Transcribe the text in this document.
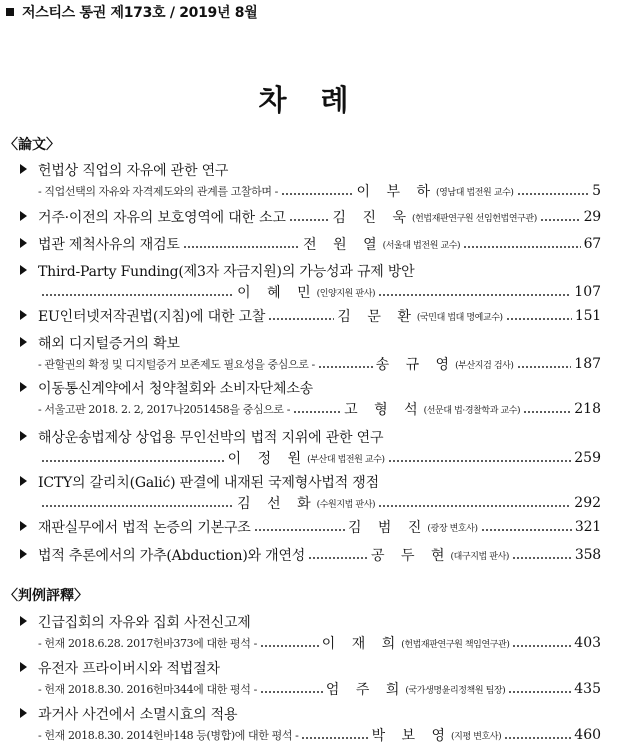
저스티스 통권 제173호 / 2019년 8월
차 례
〈論文〉
헌법상 직업의 자유에 관한 연구
- 직업선택의 자유와 자격제도와의 관계를 고찰하며 -	이 부 하 (영남대 법전원 교수)	5
거주·이전의 자유의 보호영역에 대한 소고	김 진 욱 (헌법재판연구원 선임헌법연구관)	29
법관 제척사유의 재검토	전 원 열 (서울대 법전원 교수)	67
Third-Party Funding(제3자 자금지원)의 가능성과 규제 방안
이 혜 민 (인양지원 판사)	107
EU인터넷저작권법(지침)에 대한 고찰	김 문 환 (국민대 법대 명예교수)	151
해외 디지털증거의 확보
- 관할권의 확정 및 디지털증거 보존제도 필요성을 중심으로 -	송 규 영 (부산지검 검사)	187
이동통신계약에서 청약철회와 소비자단체소송
- 서울고판 2018. 2. 2, 2017나2051458을 중심으로 -	고 형 석 (선문대 법·경찰학과 교수)	218
해상운송법제상 상업용 무인선박의 법적 지위에 관한 연구
이 정 원 (부산대 법전원 교수)	259
ICTY의 갈리치(Galić) 판결에 내재된 국제형사법적 쟁점
김 선 화 (수원지법 판사)	292
재판실무에서 법적 논증의 기본구조	김 범 진 (광장 변호사)	321
법적 추론에서의 가추(Abduction)와 개연성	공 두 현 (대구지법 판사)	358
〈判例評釋〉
긴급집회의 자유와 집회 사전신고제
- 헌재 2018.6.28. 2017헌바373에 대한 평석 -	이 재 희 (헌법재판연구원 책임연구관)	403
유전자 프라이버시와 적법절차
- 헌재 2018.8.30. 2016헌마344에 대한 평석 -	엄 주 희 (국가생명윤리정책원 팀장)	435
과거사 사건에서 소멸시효의 적용
- 헌재 2018.8.30. 2014헌바148 등(병합)에 대한 평석 -	박 보 영 (지평 변호사)	460
